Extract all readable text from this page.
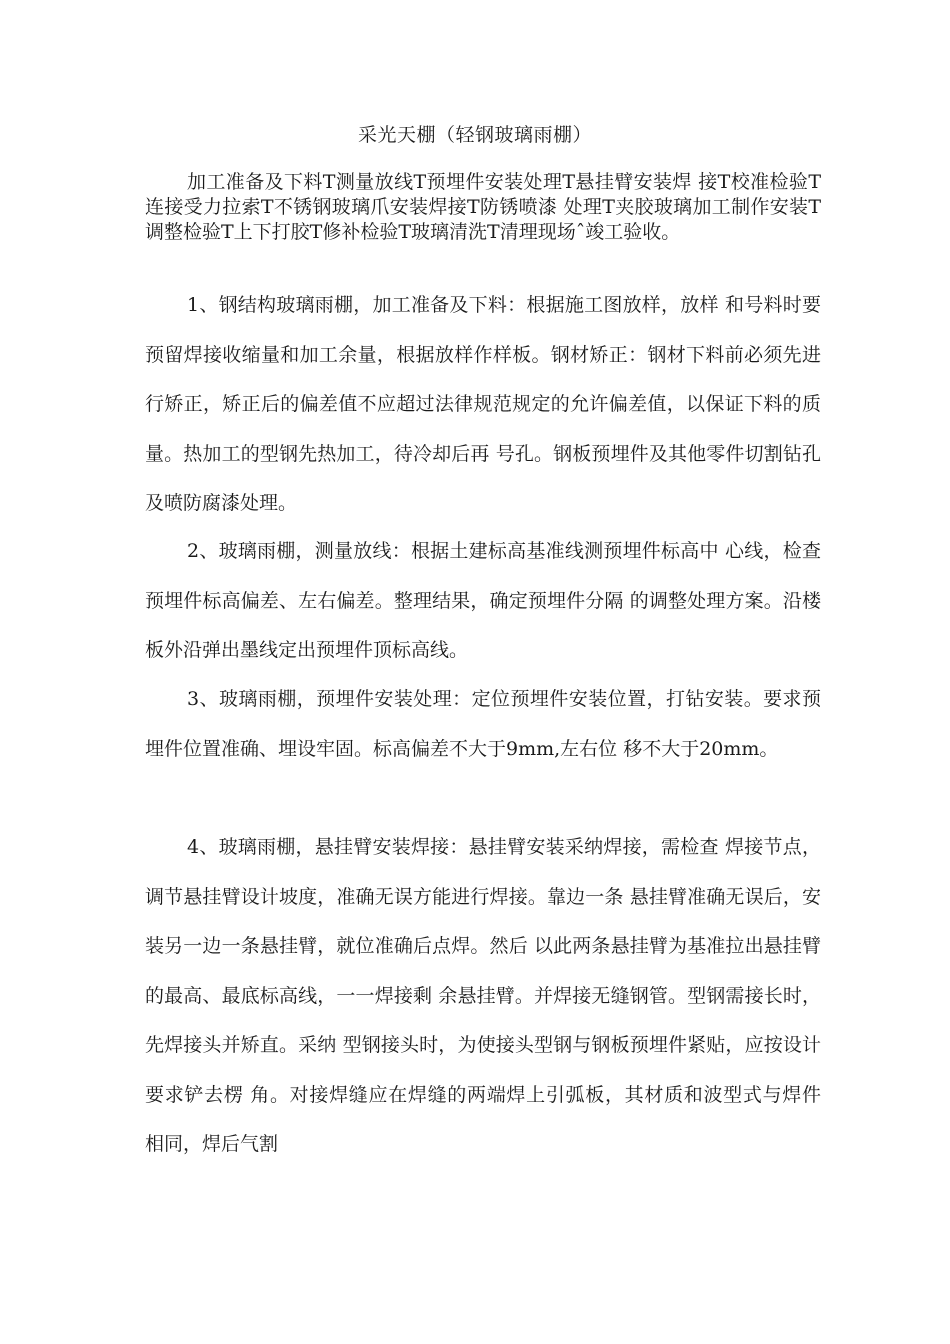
采光天棚（轻钢玻璃雨棚）

加工准备及下料T测量放线T预埋件安装处理T悬挂臂安装焊 接T校准检验T连接受力拉索T不锈钢玻璃爪安装焊接T防锈喷漆 处理T夹胶玻璃加工制作安装T调整检验T上下打胶T修补检验T玻璃清洗T清理现场ˆ竣工验收。

1、钢结构玻璃雨棚，加工准备及下料：根据施工图放样，放样 和号料时要预留焊接收缩量和加工余量，根据放样作样板。钢材矫正：钢材下料前必须先进行矫正，矫正后的偏差值不应超过法律规范规定的允许偏差值，以保证下料的质量。热加工的型钢先热加工，待冷却后再 号孔。钢板预埋件及其他零件切割钻孔及喷防腐漆处理。

2、玻璃雨棚，测量放线：根据土建标高基准线测预埋件标高中 心线，检查预埋件标高偏差、左右偏差。整理结果，确定预埋件分隔 的调整处理方案。沿楼板外沿弹出墨线定出预埋件顶标高线。

3、玻璃雨棚，预埋件安装处理：定位预埋件安装位置，打钻安装。要求预埋件位置准确、埋设牢固。标高偏差不大于9mm,左右位 移不大于20mm。

4、玻璃雨棚，悬挂臂安装焊接：悬挂臂安装采纳焊接，需检查 焊接节点，调节悬挂臂设计坡度，准确无误方能进行焊接。靠边一条 悬挂臂准确无误后，安装另一边一条悬挂臂，就位准确后点焊。然后 以此两条悬挂臂为基准拉出悬挂臂的最高、最底标高线，一一焊接剩 余悬挂臂。并焊接无缝钢管。型钢需接长时，先焊接头并矫直。采纳 型钢接头时，为使接头型钢与钢板预埋件紧贴，应按设计要求铲去楞 角。对接焊缝应在焊缝的两端焊上引弧板，其材质和波型式与焊件 相同，焊后气割
